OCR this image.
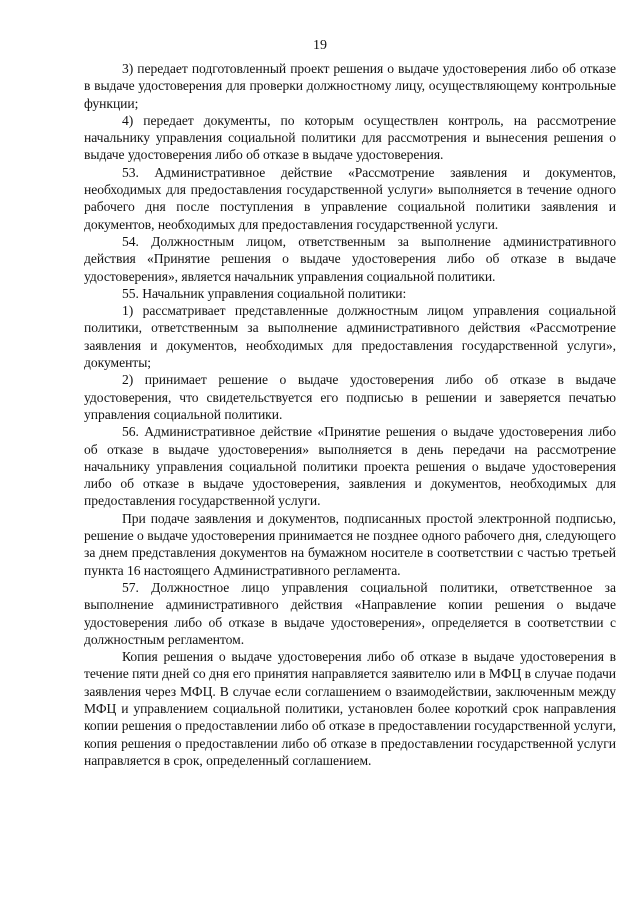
19

3) передает подготовленный проект решения о выдаче удостоверения либо об отказе в выдаче удостоверения для проверки должностному лицу, осуществляющему контрольные функции;

4) передает документы, по которым осуществлен контроль, на рассмотрение начальнику управления социальной политики для рассмотрения и вынесения решения о выдаче удостоверения либо об отказе в выдаче удостоверения.

53. Административное действие «Рассмотрение заявления и документов, необходимых для предоставления государственной услуги» выполняется в течение одного рабочего дня после поступления в управление социальной политики заявления и документов, необходимых для предоставления государственной услуги.

54. Должностным лицом, ответственным за выполнение административного действия «Принятие решения о выдаче удостоверения либо об отказе в выдаче удостоверения», является начальник управления социальной политики.

55. Начальник управления социальной политики:

1) рассматривает представленные должностным лицом управления социальной политики, ответственным за выполнение административного действия «Рассмотрение заявления и документов, необходимых для предоставления государственной услуги», документы;

2) принимает решение о выдаче удостоверения либо об отказе в выдаче удостоверения, что свидетельствуется его подписью в решении и заверяется печатью управления социальной политики.

56. Административное действие «Принятие решения о выдаче удостоверения либо об отказе в выдаче удостоверения» выполняется в день передачи на рассмотрение начальнику управления социальной политики проекта решения о выдаче удостоверения либо об отказе в выдаче удостоверения, заявления и документов, необходимых для предоставления государственной услуги.

При подаче заявления и документов, подписанных простой электронной подписью, решение о выдаче удостоверения принимается не позднее одного рабочего дня, следующего за днем представления документов на бумажном носителе в соответствии с частью третьей пункта 16 настоящего Административного регламента.

57. Должностное лицо управления социальной политики, ответственное за выполнение административного действия «Направление копии решения о выдаче удостоверения либо об отказе в выдаче удостоверения», определяется в соответствии с должностным регламентом.

Копия решения о выдаче удостоверения либо об отказе в выдаче удостоверения в течение пяти дней со дня его принятия направляется заявителю или в МФЦ в случае подачи заявления через МФЦ. В случае если соглашением о взаимодействии, заключенным между МФЦ и управлением социальной политики, установлен более короткий срок направления копии решения о предоставлении либо об отказе в предоставлении государственной услуги, копия решения о предоставлении либо об отказе в предоставлении государственной услуги направляется в срок, определенный соглашением.
